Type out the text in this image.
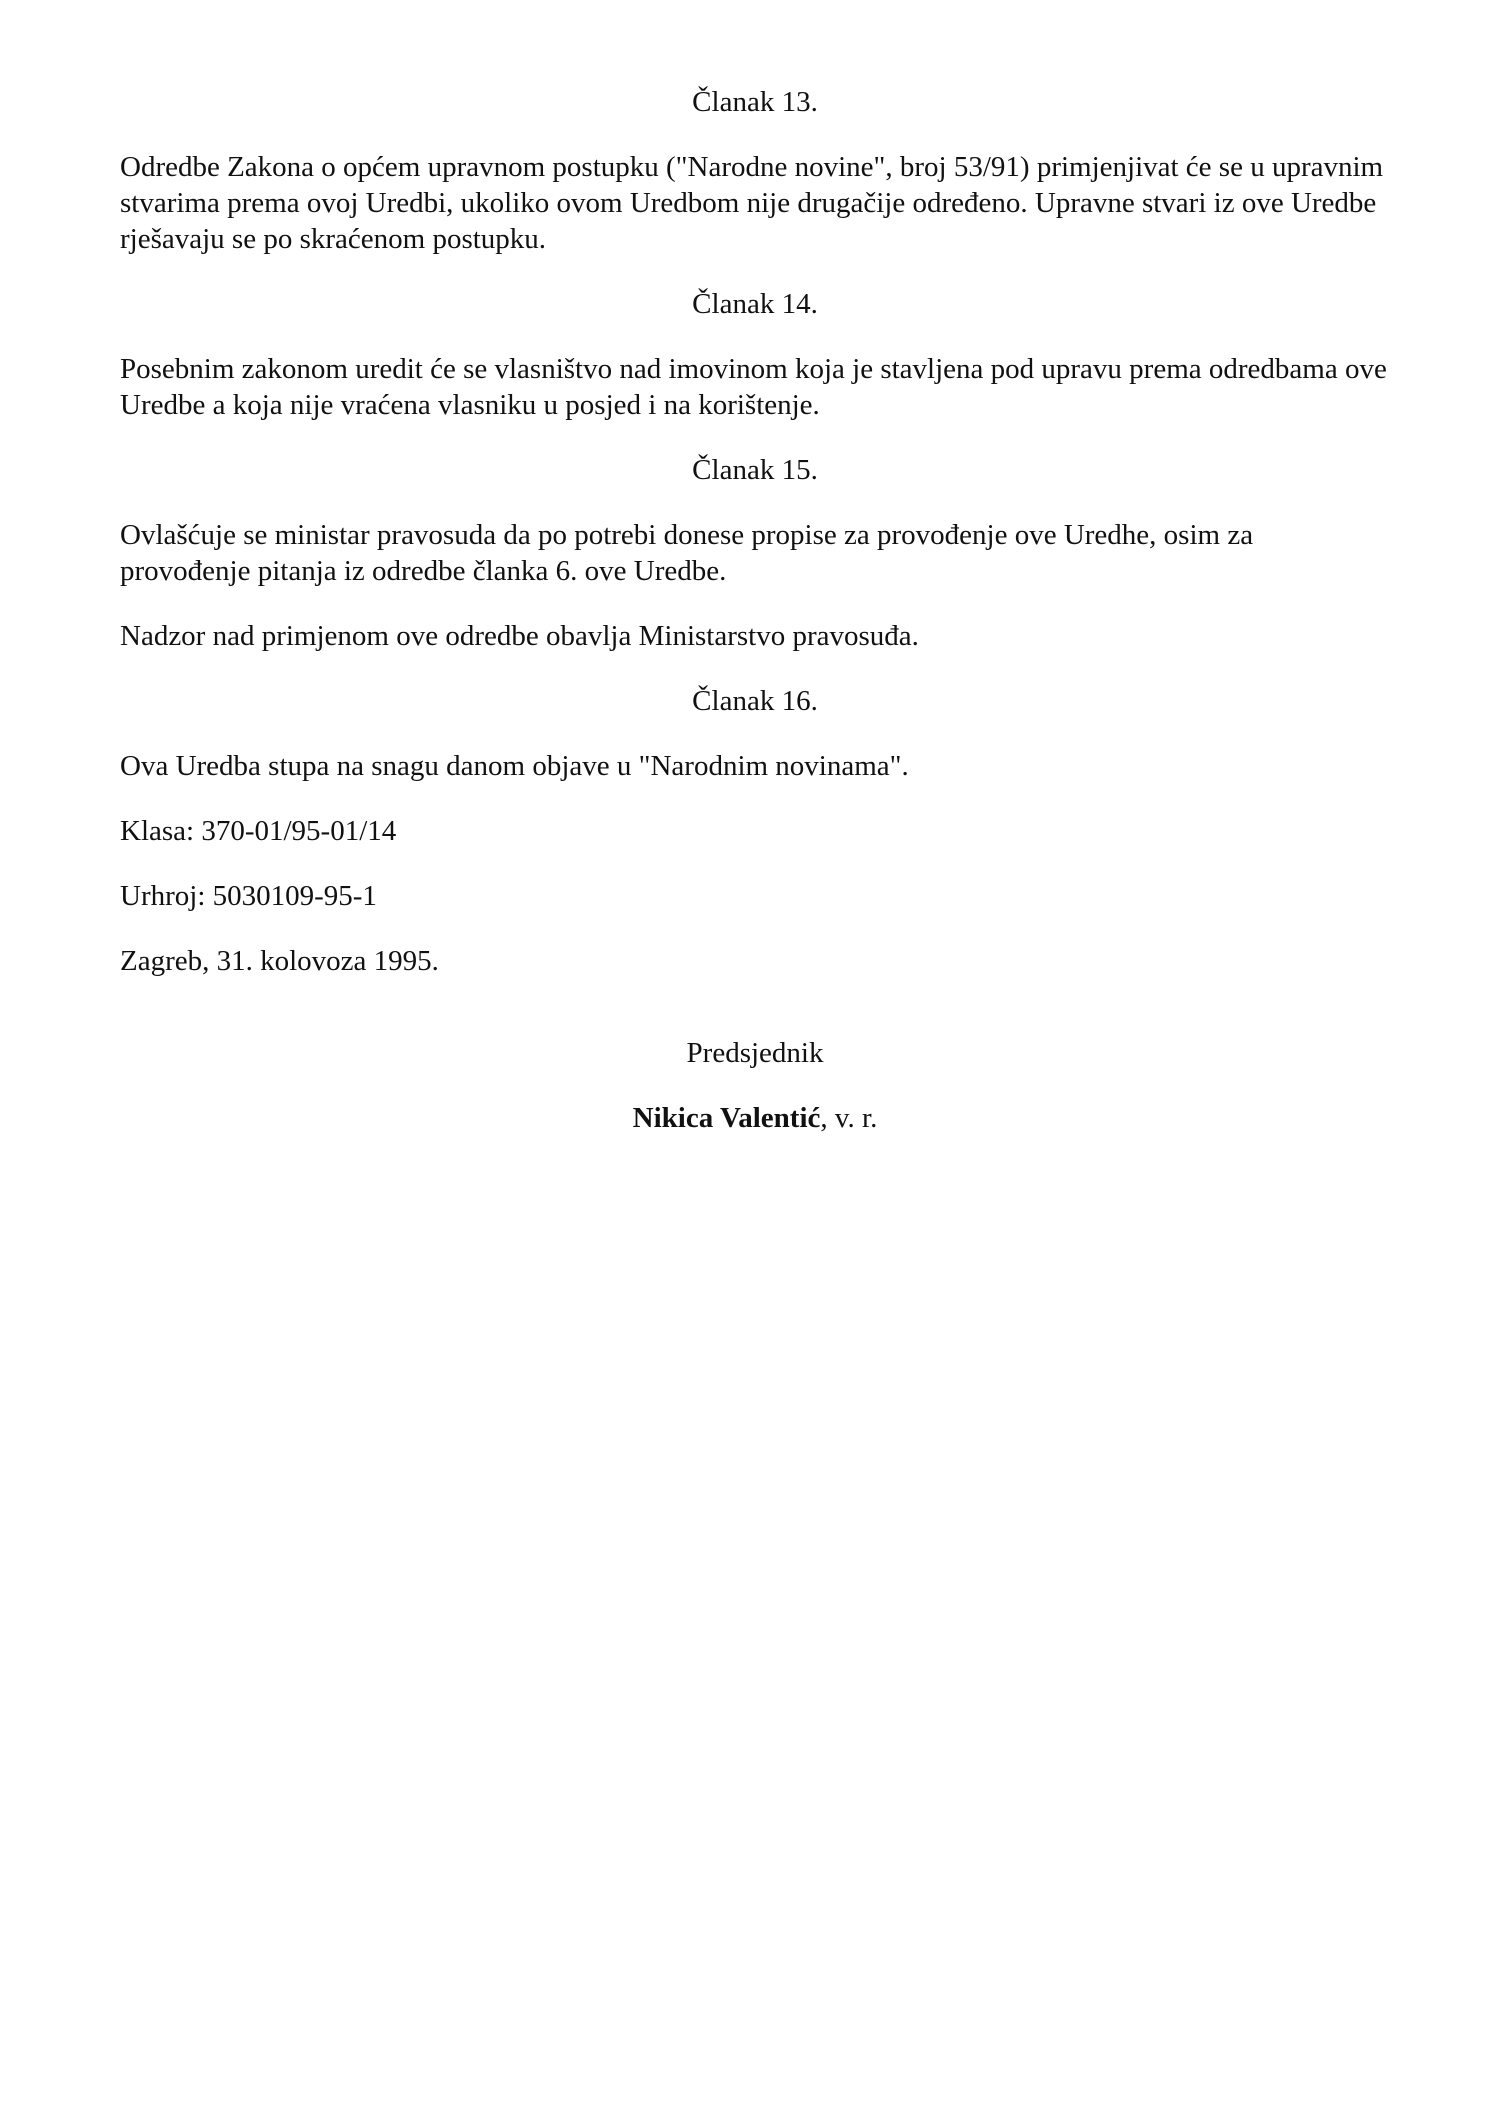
Članak 13.

Odredbe Zakona o općem upravnom postupku ("Narodne novine", broj 53/91) primjenjivat će se u upravnim stvarima prema ovoj Uredbi, ukoliko ovom Uredbom nije drugačije određeno. Upravne stvari iz ove Uredbe rješavaju se po skraćenom postupku.

Članak 14.

Posebnim zakonom uredit će se vlasništvo nad imovinom koja je stavljena pod upravu prema odredbama ove Uredbe a koja nije vraćena vlasniku u posjed i na korištenje.

Članak 15.

Ovlašćuje se ministar pravosuda da po potrebi donese propise za provođenje ove Uredhe, osim za provođenje pitanja iz odredbe članka 6. ove Uredbe.

Nadzor nad primjenom ove odredbe obavlja Ministarstvo pravosuđa.

Članak 16.

Ova Uredba stupa na snagu danom objave u "Narodnim novinama".

Klasa: 370-01/95-01/14

Urhroj: 5030109-95-1

Zagreb, 31. kolovoza 1995.

Predsjednik

Nikica Valentić, v. r.
